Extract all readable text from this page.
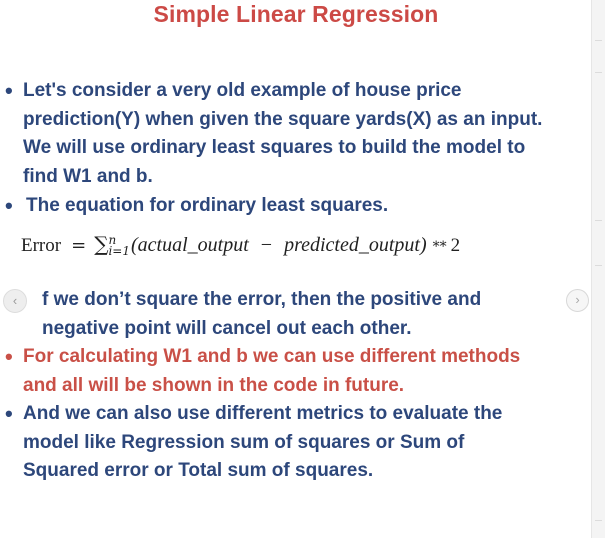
Simple Linear Regression
• Let's consider a very old example of house price
prediction(Y) when given the square yards(X) as an input.
We will use ordinary least squares to build the model to
find W1 and b.
• The equation for ordinary least squares.
Error = ∑ n
i=1 (actual_output − predicted_output) ** 2
f we don’t square the error, then the positive and
negative point will cancel out each other.
• For calculating W1 and b we can use different methods
and all will be shown in the code in future.
• And we can also use different metrics to evaluate the
model like Regression sum of squares or Sum of
Squared error or Total sum of squares.
‹	›
